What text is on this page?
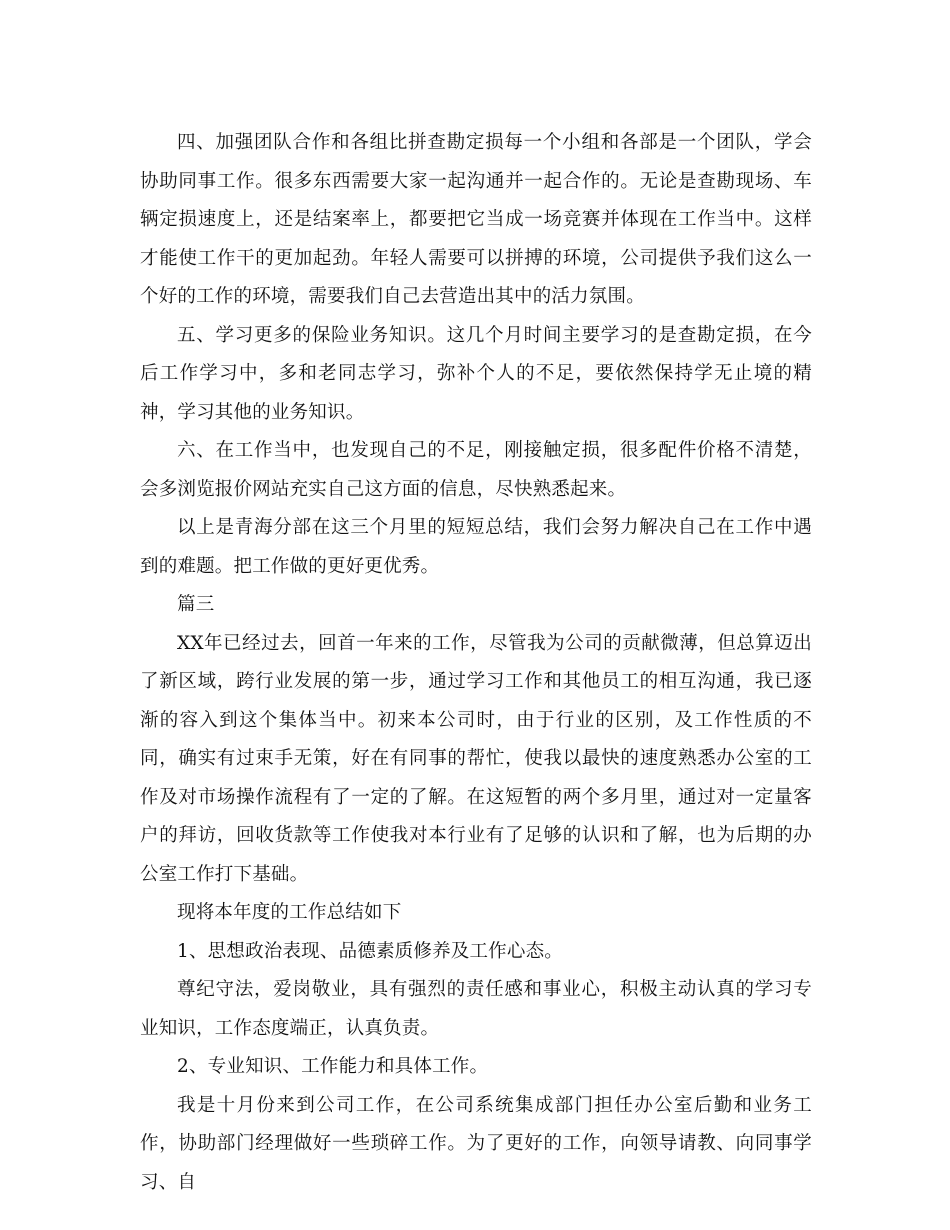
四、加强团队合作和各组比拼查勘定损每一个小组和各部是一个团队，学会协助同事工作。很多东西需要大家一起沟通并一起合作的。无论是查勘现场、车辆定损速度上，还是结案率上，都要把它当成一场竞赛并体现在工作当中。这样才能使工作干的更加起劲。年轻人需要可以拼搏的环境，公司提供予我们这么一个好的工作的环境，需要我们自己去营造出其中的活力氛围。

五、学习更多的保险业务知识。这几个月时间主要学习的是查勘定损，在今后工作学习中，多和老同志学习，弥补个人的不足，要依然保持学无止境的精神，学习其他的业务知识。

六、在工作当中，也发现自己的不足，刚接触定损，很多配件价格不清楚，会多浏览报价网站充实自己这方面的信息，尽快熟悉起来。

以上是青海分部在这三个月里的短短总结，我们会努力解决自己在工作中遇到的难题。把工作做的更好更优秀。

篇三

XX年已经过去，回首一年来的工作，尽管我为公司的贡献微薄，但总算迈出了新区域，跨行业发展的第一步，通过学习工作和其他员工的相互沟通，我已逐渐的容入到这个集体当中。初来本公司时，由于行业的区别，及工作性质的不同，确实有过束手无策，好在有同事的帮忙，使我以最快的速度熟悉办公室的工作及对市场操作流程有了一定的了解。在这短暂的两个多月里，通过对一定量客户的拜访，回收货款等工作使我对本行业有了足够的认识和了解，也为后期的办公室工作打下基础。

现将本年度的工作总结如下

1、思想政治表现、品德素质修养及工作心态。

尊纪守法，爱岗敬业，具有强烈的责任感和事业心，积极主动认真的学习专业知识，工作态度端正，认真负责。

2、专业知识、工作能力和具体工作。

我是十月份来到公司工作，在公司系统集成部门担任办公室后勤和业务工作，协助部门经理做好一些琐碎工作。为了更好的工作，向领导请教、向同事学习、自
